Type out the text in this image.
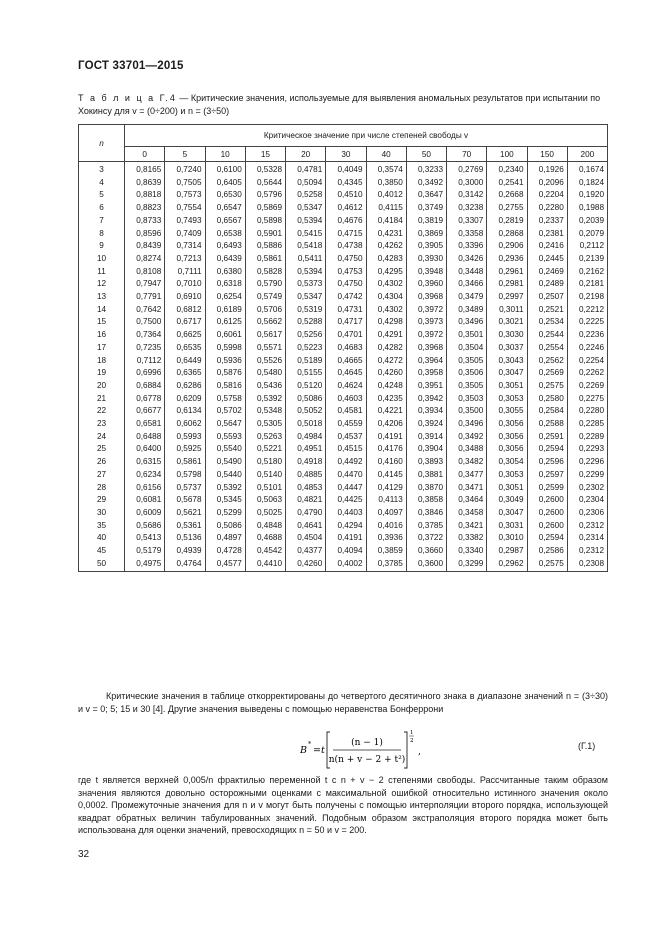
ГОСТ 33701—2015
Т а б л и ц а Г.4 — Критические значения, используемые для выявления аномальных результатов при испытании по Хокинсу для v = (0÷200) и n = (3÷50)
n	Критическое значение при числе степеней свободы v											
	0	5	10	15	20	30	40	50	70	100	150	200
3	0,8165	0,7240	0,6100	0,5328	0,4781	0,4049	0,3574	0,3233	0,2769	0,2340	0,1926	0,1674
4	0,8639	0,7505	0,6405	0,5644	0,5094	0,4345	0,3850	0,3492	0,3000	0,2541	0,2096	0,1824
5	0,8818	0,7573	0,6530	0,5796	0,5258	0,4510	0,4012	0,3647	0,3142	0,2668	0,2204	0,1920
6	0,8823	0,7554	0,6547	0,5869	0,5347	0,4612	0,4115	0,3749	0,3238	0,2755	0,2280	0,1988
7	0,8733	0,7493	0,6567	0,5898	0,5394	0,4676	0,4184	0,3819	0,3307	0,2819	0,2337	0,2039
8	0,8596	0,7409	0,6538	0,5901	0,5415	0,4715	0,4231	0,3869	0,3358	0,2868	0,2381	0,2079
9	0,8439	0,7314	0,6493	0,5886	0,5418	0,4738	0,4262	0,3905	0,3396	0,2906	0,2416	0,2112
10	0,8274	0,7213	0,6439	0,5861	0,5411	0,4750	0,4283	0,3930	0,3426	0,2936	0,2445	0,2139
11	0,8108	0,7111	0,6380	0,5828	0,5394	0,4753	0,4295	0,3948	0,3448	0,2961	0,2469	0,2162
12	0,7947	0,7010	0,6318	0,5790	0,5373	0,4750	0,4302	0,3960	0,3466	0,2981	0,2489	0,2181
13	0,7791	0,6910	0,6254	0,5749	0,5347	0,4742	0,4304	0,3968	0,3479	0,2997	0,2507	0,2198
14	0,7642	0,6812	0,6189	0,5706	0,5319	0,4731	0,4302	0,3972	0,3489	0,3011	0,2521	0,2212
15	0,7500	0,6717	0,6125	0,5662	0,5288	0,4717	0,4298	0,3973	0,3496	0,3021	0,2534	0,2225
16	0,7364	0,6625	0,6061	0,5617	0,5256	0,4701	0,4291	0,3972	0,3501	0,3030	0,2544	0,2236
17	0,7235	0,6535	0,5998	0,5571	0,5223	0,4683	0,4282	0,3968	0,3504	0,3037	0,2554	0,2246
18	0,7112	0,6449	0,5936	0,5526	0,5189	0,4665	0,4272	0,3964	0,3505	0,3043	0,2562	0,2254
19	0,6996	0,6365	0,5876	0,5480	0,5155	0,4645	0,4260	0,3958	0,3506	0,3047	0,2569	0,2262
20	0,6884	0,6286	0,5816	0,5436	0,5120	0,4624	0,4248	0,3951	0,3505	0,3051	0,2575	0,2269
21	0,6778	0,6209	0,5758	0,5392	0,5086	0,4603	0,4235	0,3942	0,3503	0,3053	0,2580	0,2275
22	0,6677	0,6134	0,5702	0,5348	0,5052	0,4581	0,4221	0,3934	0,3500	0,3055	0,2584	0,2280
23	0,6581	0,6062	0,5647	0,5305	0,5018	0,4559	0,4206	0,3924	0,3496	0,3056	0,2588	0,2285
24	0,6488	0,5993	0,5593	0,5263	0,4984	0,4537	0,4191	0,3914	0,3492	0,3056	0,2591	0,2289
25	0,6400	0,5925	0,5540	0,5221	0,4951	0,4515	0,4176	0,3904	0,3488	0,3056	0,2594	0,2293
26	0,6315	0,5861	0,5490	0,5180	0,4918	0,4492	0,4160	0,3893	0,3482	0,3054	0,2596	0,2296
27	0,6234	0,5798	0,5440	0,5140	0,4885	0,4470	0,4145	0,3881	0,3477	0,3053	0,2597	0,2299
28	0,6156	0,5737	0,5392	0,5101	0,4853	0,4447	0,4129	0,3870	0,3471	0,3051	0,2599	0,2302
29	0,6081	0,5678	0,5345	0,5063	0,4821	0,4425	0,4113	0,3858	0,3464	0,3049	0,2600	0,2304
30	0,6009	0,5621	0,5299	0,5025	0,4790	0,4403	0,4097	0,3846	0,3458	0,3047	0,2600	0,2306
35	0,5686	0,5361	0,5086	0,4848	0,4641	0,4294	0,4016	0,3785	0,3421	0,3031	0,2600	0,2312
40	0,5413	0,5136	0,4897	0,4688	0,4504	0,4191	0,3936	0,3722	0,3382	0,3010	0,2594	0,2314
45	0,5179	0,4939	0,4728	0,4542	0,4377	0,4094	0,3859	0,3660	0,3340	0,2987	0,2586	0,2312
50	0,4975	0,4764	0,4577	0,4410	0,4260	0,4002	0,3785	0,3600	0,3299	0,2962	0,2575	0,2308
Критические значения в таблице откорректированы до четвертого десятичного знака в диапазоне значений n = (3÷30) и v = 0; 5; 15 и 30 [4]. Другие значения выведены с помощью неравенства Бонферрони
B
*
= t
(n − 1)
n(n + v − 2 + t²)
1
2
,	(Г.1)
где t является верхней 0,005/n фрактилью переменной t с n + v − 2 степенями свободы. Рассчитанные таким образом значения являются довольно осторожными оценками с максимальной ошибкой относительно истинного значения около 0,0002. Промежуточные значения для n и v могут быть получены с помощью интерполяции второго порядка, использующей квадрат обратных величин табулированных значений. Подобным образом экстраполяция второго порядка может быть использована для оценки значений, превосходящих n = 50 и v = 200.
32
